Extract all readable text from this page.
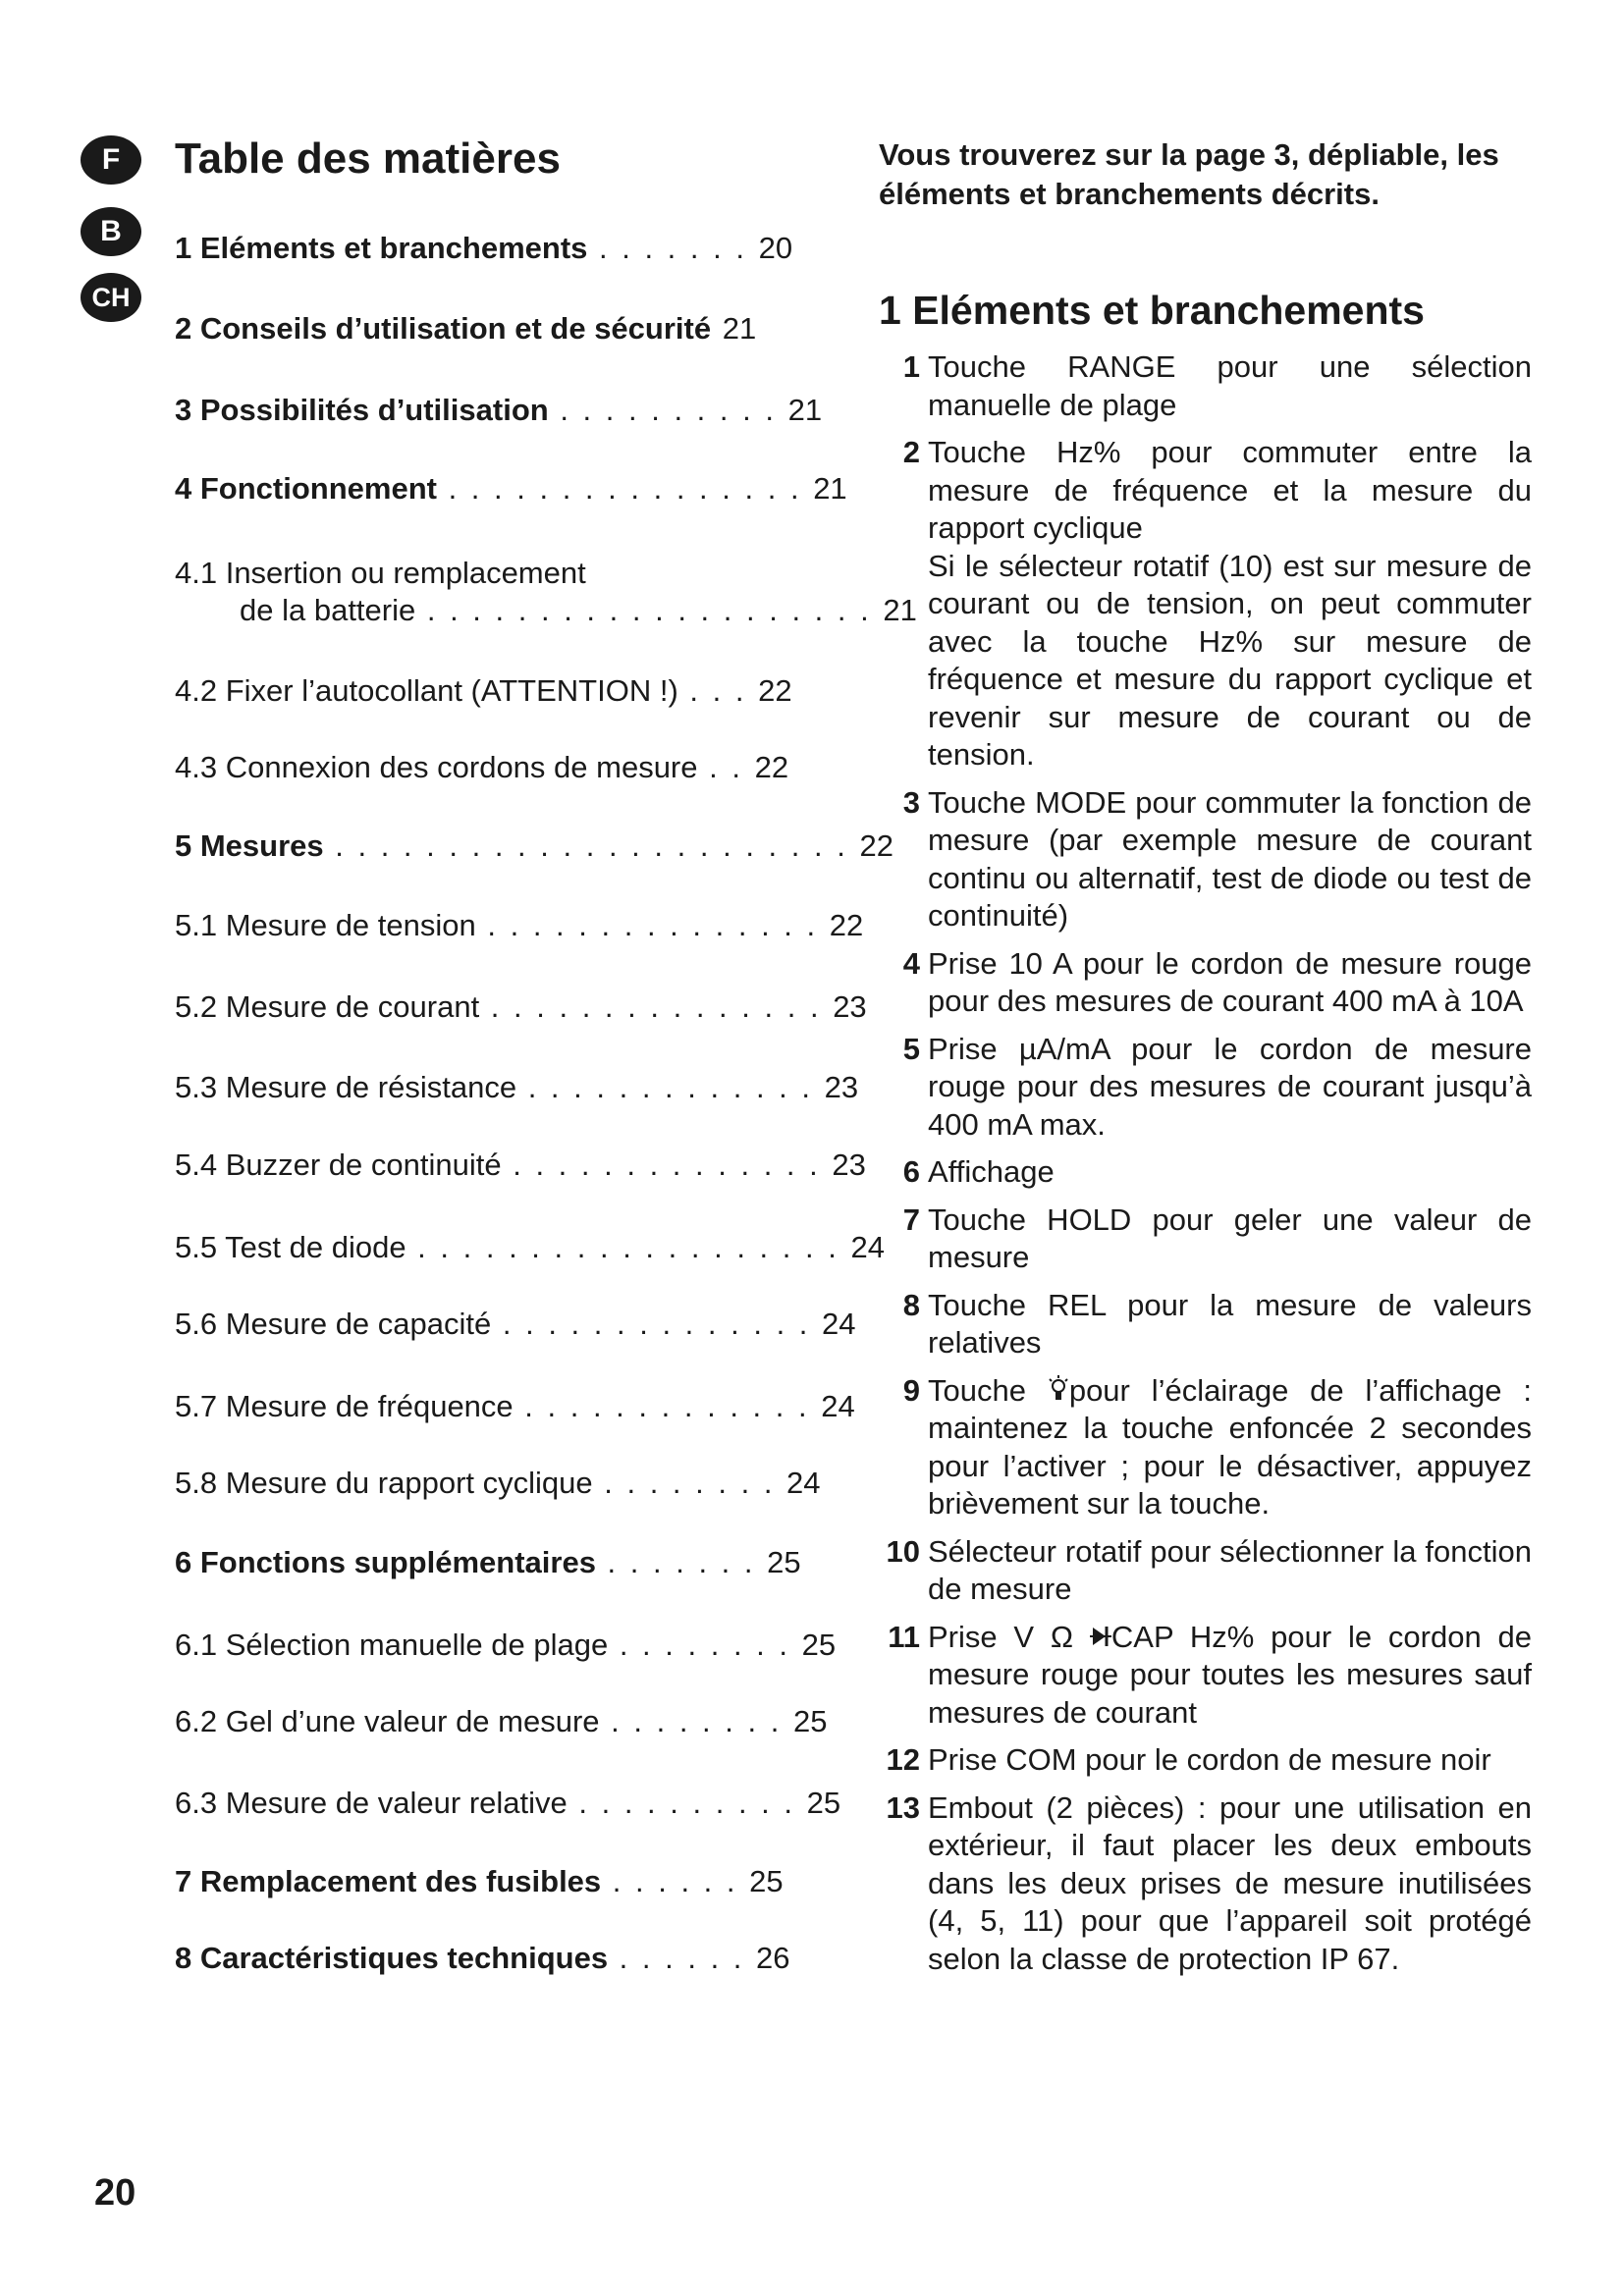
F
B
CH
Table des matières
1 Eléments et branchements . . . . . . . 20
2 Conseils d’utilisation et de sécurité 21
3 Possibilités d’utilisation . . . . . . . . . . 21
4 Fonctionnement . . . . . . . . . . . . . . . . 21
4.1 Insertion ou remplacement
de la batterie . . . . . . . . . . . . . . . . . . . . 21
4.2 Fixer l’autocollant (ATTENTION !) . . . 22
4.3 Connexion des cordons de mesure . . 22
5 Mesures . . . . . . . . . . . . . . . . . . . . . . . 22
5.1 Mesure de tension . . . . . . . . . . . . . . . 22
5.2 Mesure de courant . . . . . . . . . . . . . . . 23
5.3 Mesure de résistance . . . . . . . . . . . . . 23
5.4 Buzzer de continuité . . . . . . . . . . . . . . 23
5.5 Test de diode . . . . . . . . . . . . . . . . . . . 24
5.6 Mesure de capacité . . . . . . . . . . . . . . 24
5.7 Mesure de fréquence . . . . . . . . . . . . . 24
5.8 Mesure du rapport cyclique . . . . . . . . 24
6 Fonctions supplémentaires . . . . . . . 25
6.1 Sélection manuelle de plage . . . . . . . . 25
6.2 Gel d’une valeur de mesure . . . . . . . . 25
6.3 Mesure de valeur relative . . . . . . . . . . 25
7 Remplacement des fusibles . . . . . . 25
8 Caractéristiques techniques . . . . . . 26

Vous trouverez sur la page 3, dépliable, les éléments et branchements décrits.

1 Eléments et branchements
1 Touche RANGE pour une sélection manuelle de plage
2 Touche Hz% pour commuter entre la mesure de fréquence et la mesure du rapport cyclique

Si le sélecteur rotatif (10) est sur mesure de courant ou de tension, on peut commuter avec la touche Hz% sur mesure de fréquence et mesure du rapport cyclique et revenir sur mesure de courant ou de tension.

3 Touche MODE pour commuter la fonction de mesure (par exemple mesure de courant continu ou alternatif, test de diode ou test de continuité)
4 Prise 10 A pour le cordon de mesure rouge pour des mesures de courant 400 mA à 10A
5 Prise µA/mA pour le cordon de mesure rouge pour des mesures de courant jusqu’à 400 mA max.
6 Affichage
7 Touche HOLD pour geler une valeur de mesure
8 Touche REL pour la mesure de valeurs relatives
9 Touche pour l’éclairage de l’affichage : maintenez la touche enfoncée 2 secondes pour l’activer ; pour le désactiver, appuyez brièvement sur la touche.
10 Sélecteur rotatif pour sélectionner la fonction de mesure
11 Prise V Ω CAP Hz% pour le cordon de mesure rouge pour toutes les mesures sauf mesures de courant
12 Prise COM pour le cordon de mesure noir
13 Embout (2 pièces) : pour une utilisation en extérieur, il faut placer les deux embouts dans les deux prises de mesure inutilisées (4, 5, 11) pour que l’appareil soit protégé selon la classe de protection IP 67.
20
